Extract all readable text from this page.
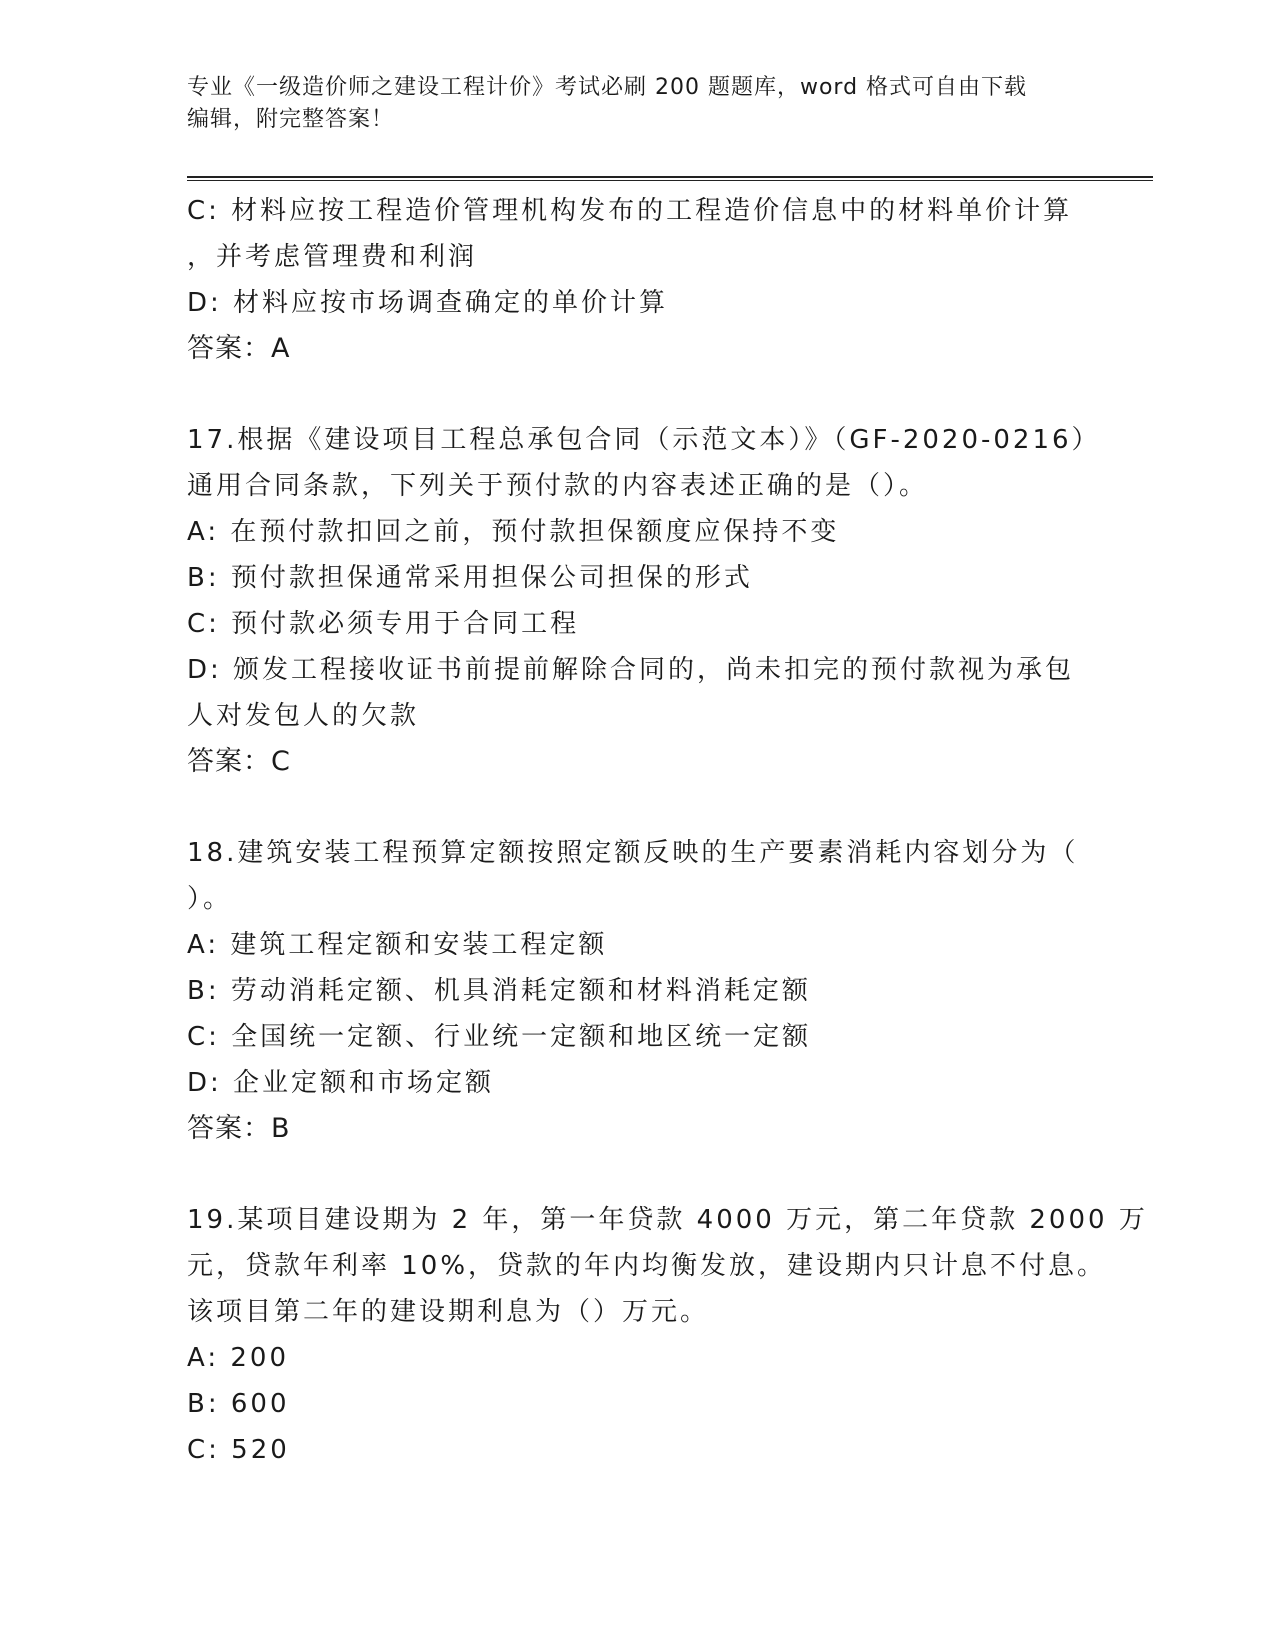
专业《一级造价师之建设工程计价》考试必刷 200 题题库，word 格式可自由下载
编辑，附完整答案！
C: 材料应按工程造价管理机构发布的工程造价信息中的材料单价计算
，并考虑管理费和利润
D: 材料应按市场调查确定的单价计算
答案：A
17.根据《建设项目工程总承包合同（示范文本）》（GF-2020-0216）
通用合同条款，下列关于预付款的内容表述正确的是（）。
A: 在预付款扣回之前，预付款担保额度应保持不变
B: 预付款担保通常采用担保公司担保的形式
C: 预付款必须专用于合同工程
D: 颁发工程接收证书前提前解除合同的，尚未扣完的预付款视为承包
人对发包人的欠款
答案：C
18.建筑安装工程预算定额按照定额反映的生产要素消耗内容划分为（
）。
A: 建筑工程定额和安装工程定额
B: 劳动消耗定额、机具消耗定额和材料消耗定额
C: 全国统一定额、行业统一定额和地区统一定额
D: 企业定额和市场定额
答案：B
19.某项目建设期为 2 年，第一年贷款 4000 万元，第二年贷款 2000 万
元，贷款年利率 10%，贷款的年内均衡发放，建设期内只计息不付息。
该项目第二年的建设期利息为（）万元。
A: 200
B: 600
C: 520
